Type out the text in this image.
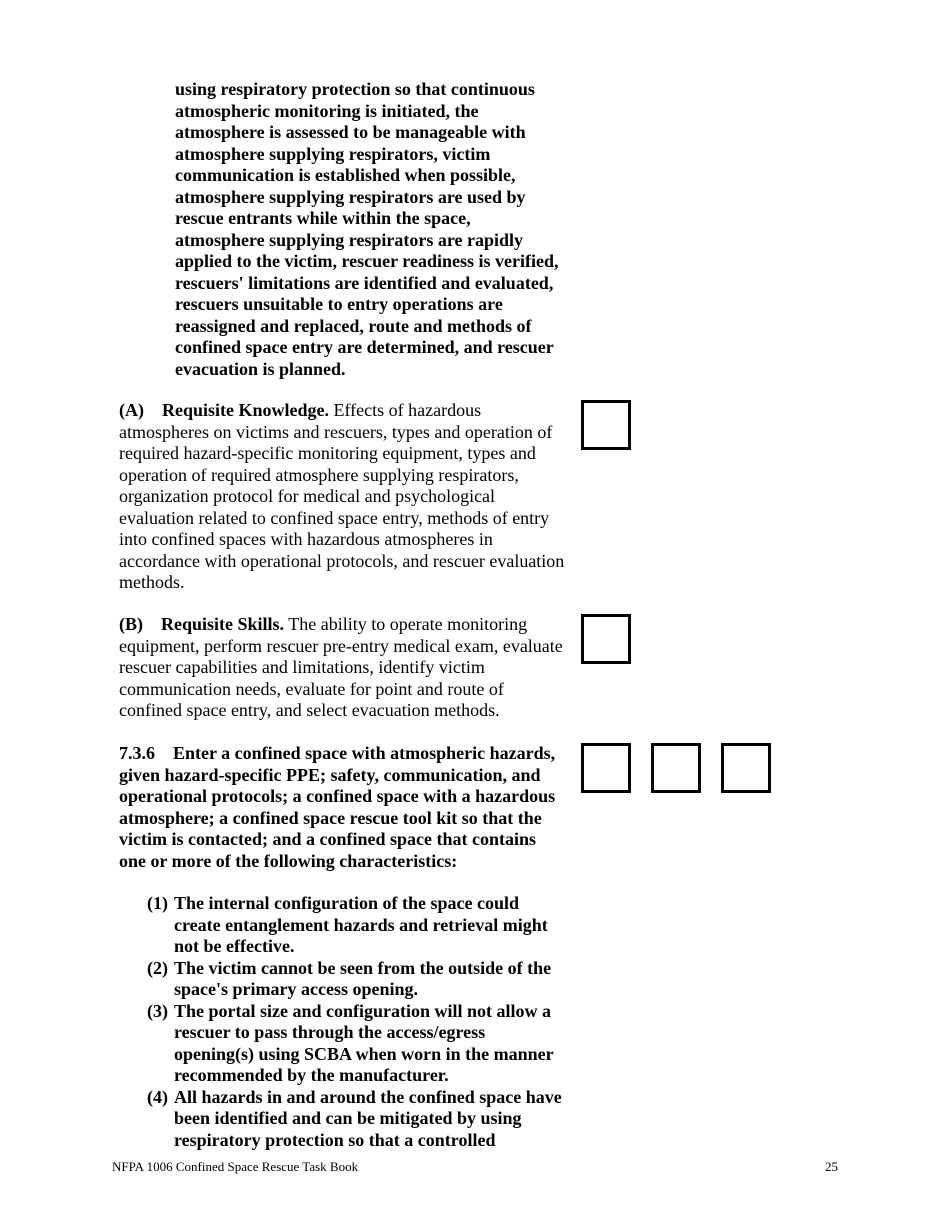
using respiratory protection so that continuous atmospheric monitoring is initiated, the atmosphere is assessed to be manageable with atmosphere supplying respirators, victim communication is established when possible, atmosphere supplying respirators are used by rescue entrants while within the space, atmosphere supplying respirators are rapidly applied to the victim, rescuer readiness is verified, rescuers' limitations are identified and evaluated, rescuers unsuitable to entry operations are reassigned and replaced, route and methods of confined space entry are determined, and rescuer evacuation is planned.

(A) Requisite Knowledge. Effects of hazardous atmospheres on victims and rescuers, types and operation of required hazard-specific monitoring equipment, types and operation of required atmosphere supplying respirators, organization protocol for medical and psychological evaluation related to confined space entry, methods of entry into confined spaces with hazardous atmospheres in accordance with operational protocols, and rescuer evaluation methods.
(B) Requisite Skills. The ability to operate monitoring equipment, perform rescuer pre-entry medical exam, evaluate rescuer capabilities and limitations, identify victim communication needs, evaluate for point and route of confined space entry, and select evacuation methods.
7.3.6 Enter a confined space with atmospheric hazards, given hazard-specific PPE; safety, communication, and operational protocols; a confined space with a hazardous atmosphere; a confined space rescue tool kit so that the victim is contacted; and a confined space that contains one or more of the following characteristics:
(1) The internal configuration of the space could create entanglement hazards and retrieval might not be effective.
(2) The victim cannot be seen from the outside of the space's primary access opening.
(3) The portal size and configuration will not allow a rescuer to pass through the access/egress opening(s) using SCBA when worn in the manner recommended by the manufacturer.
(4) All hazards in and around the confined space have been identified and can be mitigated by using respiratory protection so that a controlled
NFPA 1006 Confined Space Rescue Task Book	25
